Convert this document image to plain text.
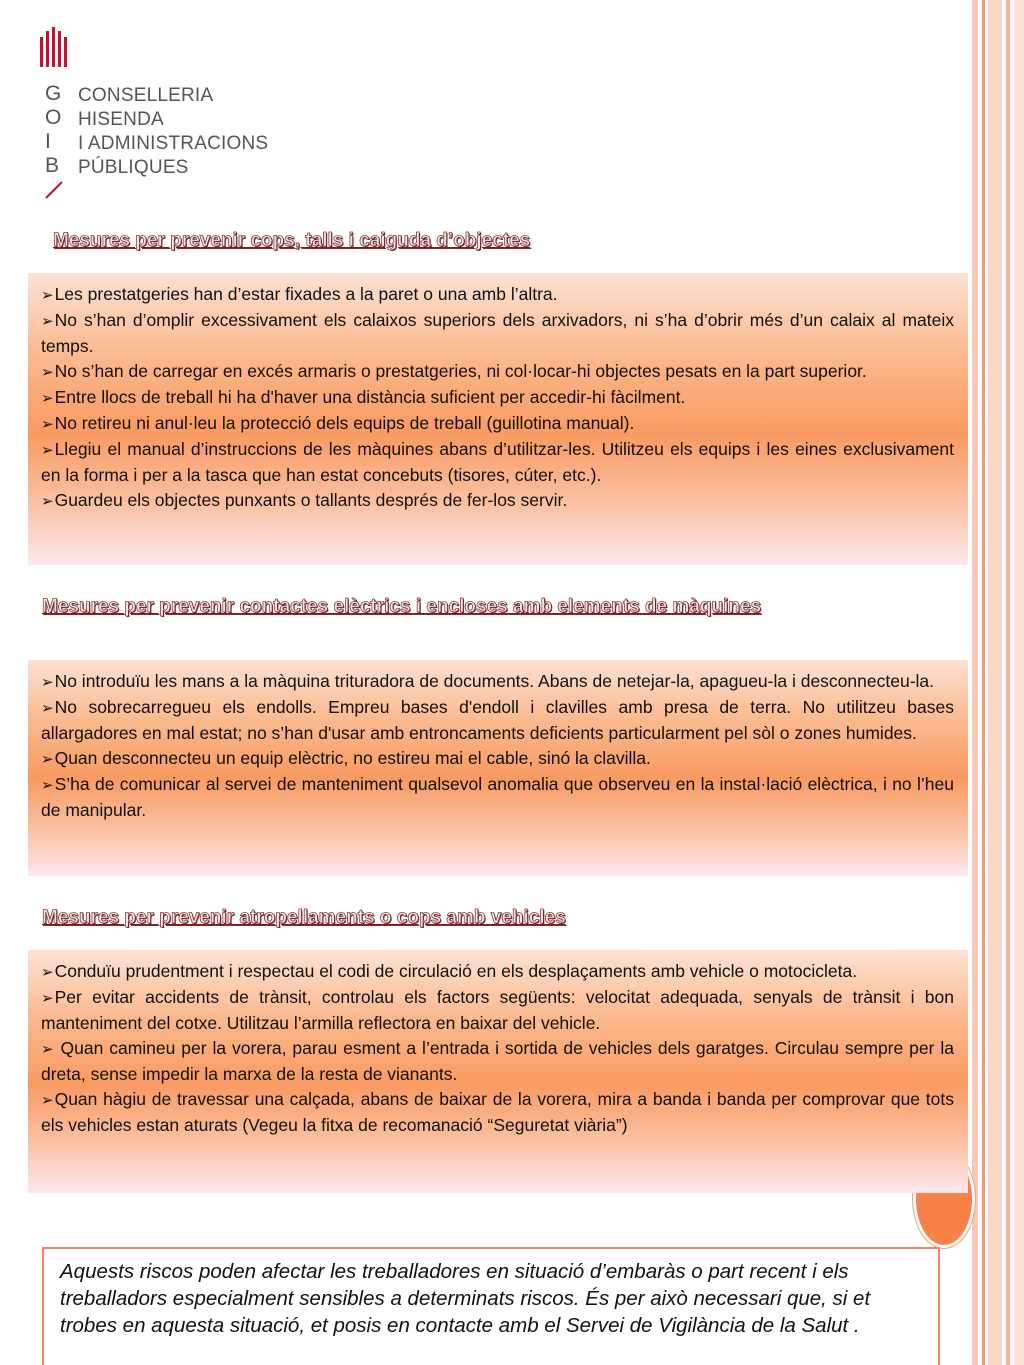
G
O
I
B
CONSELLERIA
HISENDA
I ADMINISTRACIONS
PÚBLIQUES
Mesures per prevenir cops, talls i caiguda d’objectes

➢Les prestatgeries han d’estar fixades a la paret o una amb l’altra.

➢No s’han d’omplir excessivament els calaixos superiors dels arxivadors, ni s’ha d’obrir més d’un calaix al mateix temps.

➢No s’han de carregar en excés armaris o prestatgeries, ni col·locar-hi objectes pesats en la part superior.

➢Entre llocs de treball hi ha d'haver una distància suficient per accedir-hi fàcilment.

➢No retireu ni anul·leu la protecció dels equips de treball (guillotina manual).

➢Llegiu el manual d’instruccions de les màquines abans d’utilitzar-les. Utilitzeu els equips i les eines exclusivament en la forma i per a la tasca que han estat concebuts (tisores, cúter, etc.).

➢Guardeu els objectes punxants o tallants després de fer-los servir.

Mesures per prevenir contactes elèctrics i encloses amb elements de màquines

➢No introduïu les mans a la màquina trituradora de documents. Abans de netejar-la, apagueu-la i desconnecteu-la.

➢No sobrecarregueu els endolls. Empreu bases d'endoll i clavilles amb presa de terra. No utilitzeu bases allargadores en mal estat; no s’han d'usar amb entroncaments deficients particularment pel sòl o zones humides.

➢Quan desconnecteu un equip elèctric, no estireu mai el cable, sinó la clavilla.

➢S’ha de comunicar al servei de manteniment qualsevol anomalia que observeu en la instal·lació elèctrica, i no l’heu de manipular.

Mesures per prevenir atropellaments o cops amb vehicles

➢Conduïu prudentment i respectau el codi de circulació en els desplaçaments amb vehicle o motocicleta.

➢Per evitar accidents de trànsit, controlau els factors següents: velocitat adequada, senyals de trànsit i bon manteniment del cotxe. Utilitzau l’armilla reflectora en baixar del vehicle.

➢ Quan camineu per la vorera, parau esment a l’entrada i sortida de vehicles dels garatges. Circulau sempre per la dreta, sense impedir la marxa de la resta de vianants.

➢Quan hàgiu de travessar una calçada, abans de baixar de la vorera, mira a banda i banda per comprovar que tots els vehicles estan aturats (Vegeu la fitxa de recomanació “Seguretat viària”)

Aquests riscos poden afectar les treballadores en situació d’embaràs o part recent i els treballadors especialment sensibles a determinats riscos. És per això necessari que, si et trobes en aquesta situació, et posis en contacte amb el Servei de Vigilància de la Salut .
